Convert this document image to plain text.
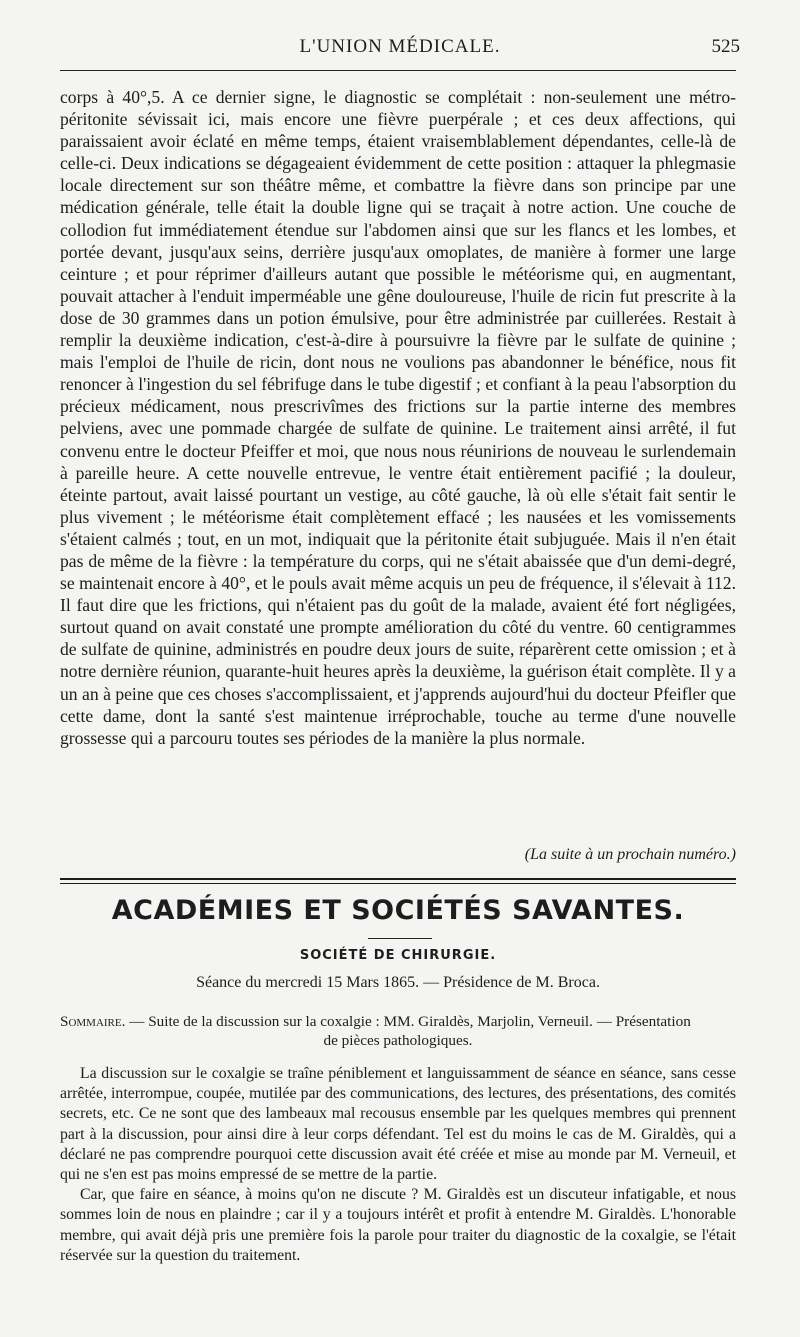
L'UNION MÉDICALE.	525

corps à 40°,5. A ce dernier signe, le diagnostic se complétait : non-seulement une métro-péritonite sévissait ici, mais encore une fièvre puerpérale ; et ces deux affections, qui paraissaient avoir éclaté en même temps, étaient vraisemblablement dépendantes, celle-là de celle-ci. Deux indications se dégageaient évidemment de cette position : attaquer la phlegmasie locale directement sur son théâtre même, et combattre la fièvre dans son principe par une médication générale, telle était la double ligne qui se traçait à notre action. Une couche de collodion fut immédiatement étendue sur l'abdomen ainsi que sur les flancs et les lombes, et portée devant, jusqu'aux seins, derrière jusqu'aux omoplates, de manière à former une large ceinture ; et pour réprimer d'ailleurs autant que possible le météorisme qui, en augmentant, pouvait attacher à l'enduit imperméable une gêne douloureuse, l'huile de ricin fut prescrite à la dose de 30 grammes dans un potion émulsive, pour être administrée par cuillerées. Restait à remplir la deuxième indication, c'est-à-dire à poursuivre la fièvre par le sulfate de quinine ; mais l'emploi de l'huile de ricin, dont nous ne voulions pas abandonner le bénéfice, nous fit renoncer à l'ingestion du sel fébrifuge dans le tube digestif ; et confiant à la peau l'absorption du précieux médicament, nous prescrivîmes des frictions sur la partie interne des membres pelviens, avec une pommade chargée de sulfate de quinine. Le traitement ainsi arrêté, il fut convenu entre le docteur Pfeiffer et moi, que nous nous réunirions de nouveau le surlendemain à pareille heure. A cette nouvelle entrevue, le ventre était entièrement pacifié ; la douleur, éteinte partout, avait laissé pourtant un vestige, au côté gauche, là où elle s'était fait sentir le plus vivement ; le météorisme était complètement effacé ; les nausées et les vomissements s'étaient calmés ; tout, en un mot, indiquait que la péritonite était subjuguée. Mais il n'en était pas de même de la fièvre : la température du corps, qui ne s'était abaissée que d'un demi-degré, se maintenait encore à 40°, et le pouls avait même acquis un peu de fréquence, il s'élevait à 112. Il faut dire que les frictions, qui n'étaient pas du goût de la malade, avaient été fort négligées, surtout quand on avait constaté une prompte amélioration du côté du ventre. 60 centigrammes de sulfate de quinine, administrés en poudre deux jours de suite, réparèrent cette omission ; et à notre dernière réunion, quarante-huit heures après la deuxième, la guérison était complète. Il y a un an à peine que ces choses s'accomplissaient, et j'apprends aujourd'hui du docteur Pfeifler que cette dame, dont la santé s'est maintenue irréprochable, touche au terme d'une nouvelle grossesse qui a parcouru toutes ses périodes de la manière la plus normale.

(La suite à un prochain numéro.)
ACADÉMIES ET SOCIÉTÉS SAVANTES.
SOCIÉTÉ DE CHIRURGIE.
Séance du mercredi 15 Mars 1865. — Présidence de M. Broca.
Sommaire. — Suite de la discussion sur la coxalgie : MM. Giraldès, Marjolin, Verneuil. — Présentation
de pièces pathologiques.

La discussion sur le coxalgie se traîne péniblement et languissamment de séance en séance, sans cesse arrêtée, interrompue, coupée, mutilée par des communications, des lectures, des présentations, des comités secrets, etc. Ce ne sont que des lambeaux mal recousus ensemble par les quelques membres qui prennent part à la discussion, pour ainsi dire à leur corps défendant. Tel est du moins le cas de M. Giraldès, qui a déclaré ne pas comprendre pourquoi cette discussion avait été créée et mise au monde par M. Verneuil, et qui ne s'en est pas moins empressé de se mettre de la partie.

Car, que faire en séance, à moins qu'on ne discute ? M. Giraldès est un discuteur infatigable, et nous sommes loin de nous en plaindre ; car il y a toujours intérêt et profit à entendre M. Giraldès. L'honorable membre, qui avait déjà pris une première fois la parole pour traiter du diagnostic de la coxalgie, se l'était réservée sur la question du traitement.
